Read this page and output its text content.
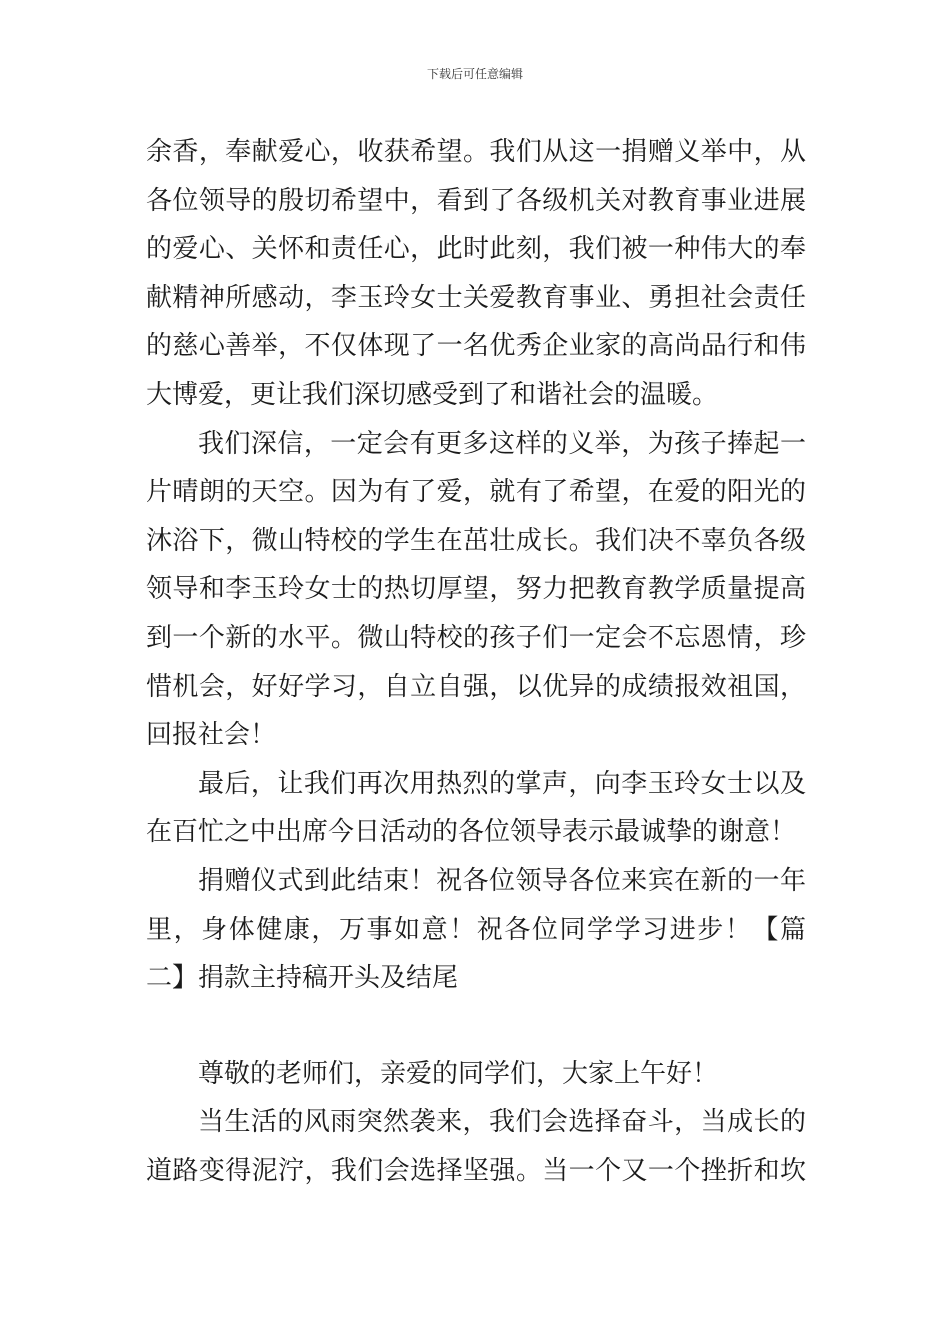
下载后可任意编辑
余香，奉献爱心，收获希望。我们从这一捐赠义举中，从
各位领导的殷切希望中，看到了各级机关对教育事业进展
的爱心、关怀和责任心，此时此刻，我们被一种伟大的奉
献精神所感动，李玉玲女士关爱教育事业、勇担社会责任
的慈心善举，不仅体现了一名优秀企业家的高尚品行和伟
大博爱，更让我们深切感受到了和谐社会的温暖。
我们深信，一定会有更多这样的义举，为孩子捧起一
片晴朗的天空。因为有了爱，就有了希望，在爱的阳光的
沐浴下，微山特校的学生在茁壮成长。我们决不辜负各级
领导和李玉玲女士的热切厚望，努力把教育教学质量提高
到一个新的水平。微山特校的孩子们一定会不忘恩情，珍
惜机会，好好学习，自立自强，以优异的成绩报效祖国，
回报社会！
最后，让我们再次用热烈的掌声，向李玉玲女士以及
在百忙之中出席今日活动的各位领导表示最诚挚的谢意！
捐赠仪式到此结束！祝各位领导各位来宾在新的一年
里，身体健康，万事如意！祝各位同学学习进步！【篇
二】捐款主持稿开头及结尾
尊敬的老师们，亲爱的同学们，大家上午好！
当生活的风雨突然袭来，我们会选择奋斗，当成长的
道路变得泥泞，我们会选择坚强。当一个又一个挫折和坎
